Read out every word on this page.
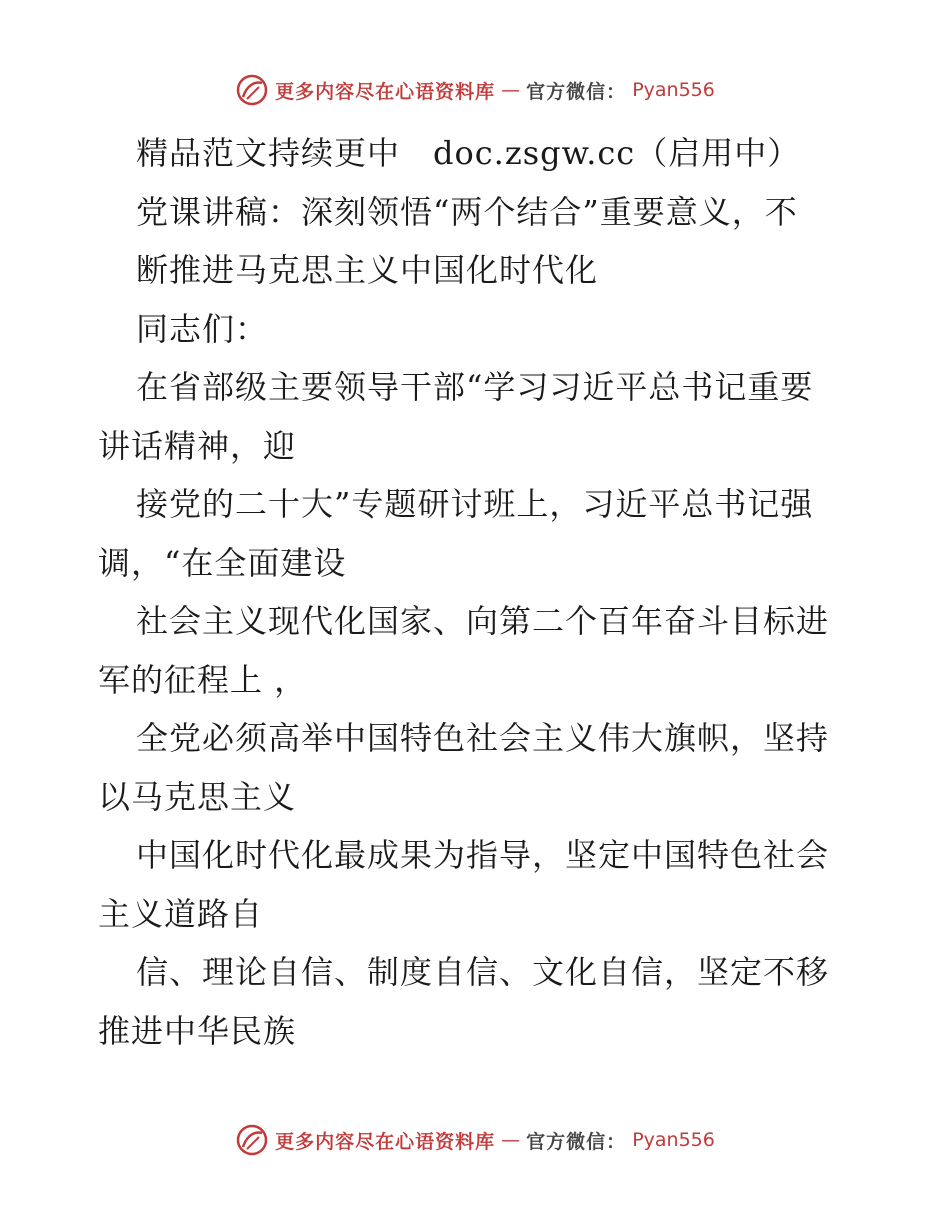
更多内容尽在心语资料库 — 官方微信： Pyan556
精品范文持续更中　doc.zsgw.cc（启用中）
党课讲稿：深刻领悟“两个结合”重要意义，不
断推进马克思主义中国化时代化
同志们：
在省部级主要领导干部“学习习近平总书记重要
讲话精神，迎
接党的二十大”专题研讨班上，习近平总书记强
调，“在全面建设
社会主义现代化国家、向第二个百年奋斗目标进
军的征程上 ，
全党必须高举中国特色社会主义伟大旗帜，坚持
以马克思主义
中国化时代化最成果为指导，坚定中国特色社会
主义道路自
信、理论自信、制度自信、文化自信，坚定不移
推进中华民族
更多内容尽在心语资料库 — 官方微信： Pyan556
